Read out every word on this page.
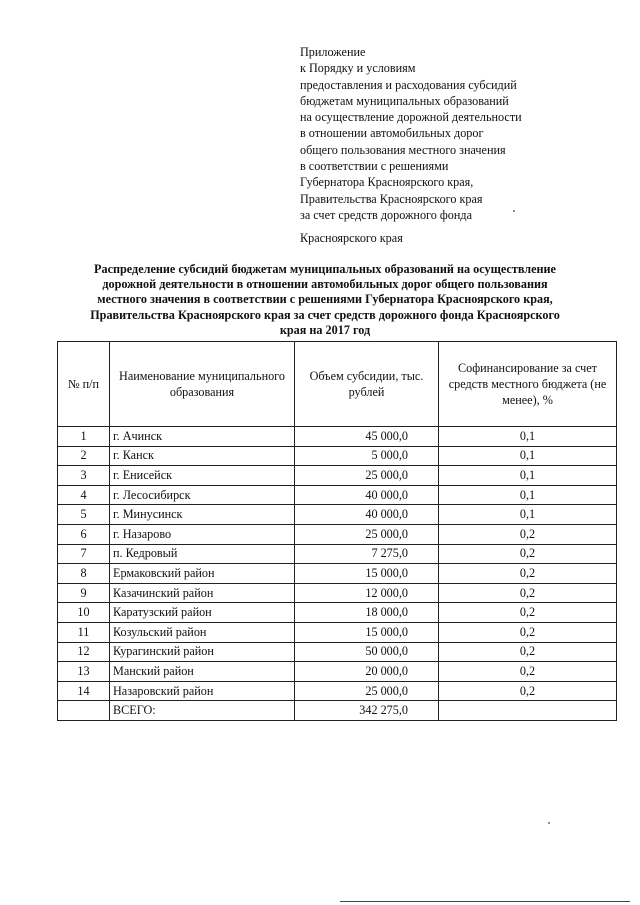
Приложение
к Порядку и условиям
предоставления и расходования субсидий
бюджетам муниципальных образований
на осуществление дорожной деятельности
в отношении автомобильных дорог
общего пользования местного значения
в соответствии с решениями
Губернатора Красноярского края,
Правительства Красноярского края
за счет средств дорожного фонда
Красноярского края
Распределение субсидий бюджетам муниципальных образований на осуществление
дорожной деятельности в отношении автомобильных дорог общего пользования
местного значения в соответствии с решениями Губернатора Красноярского края,
Правительства Красноярского края за счет средств дорожного фонда Красноярского
края на 2017 год
№ п/п	Наименование муниципального образования	Объем субсидии, тыс. рублей	Софинансирование за счет средств местного бюджета (не менее), %
1	г. Ачинск	45 000,0	0,1
2	г. Канск	5 000,0	0,1
3	г. Енисейск	25 000,0	0,1
4	г. Лесосибирск	40 000,0	0,1
5	г. Минусинск	40 000,0	0,1
6	г. Назарово	25 000,0	0,2
7	п. Кедровый	7 275,0	0,2
8	Ермаковский район	15 000,0	0,2
9	Казачинский район	12 000,0	0,2
10	Каратузский район	18 000,0	0,2
11	Козульский район	15 000,0	0,2
12	Курагинский район	50 000,0	0,2
13	Манский район	20 000,0	0,2
14	Назаровский район	25 000,0	0,2
	ВСЕГО:	342 275,0	
